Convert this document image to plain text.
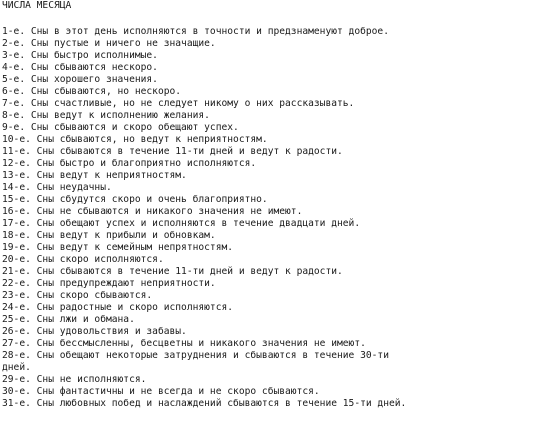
ЧИСЛА МЕСЯЦА
1-е. Сны в этот день исполняются в точности и предзнаменуют доброе.
2-е. Сны пустые и ничего не значащие.
3-е. Сны быстро исполнимые.
4-е. Сны сбываются нескоро.
5-е. Сны хорошего значения.
6-е. Сны сбываются, но нескоро.
7-е. Сны счастливые, но не следует никому о них рассказывать.
8-е. Сны ведут к исполнению желания.
9-е. Сны сбываются и скоро обещают успех.
10-е. Сны сбываются, но ведут к неприятностям.
11-е. Сны сбываются в течение 11-ти дней и ведут к радости.
12-е. Сны быстро и благоприятно исполняются.
13-е. Сны ведут к неприятностям.
14-е. Сны неудачны.
15-е. Сны сбудутся скоро и очень благоприятно.
16-е. Сны не сбываются и никакого значения не имеют.
17-е. Сны обещают успех и исполняются в течение двадцати дней.
18-е. Сны ведут к прибыли и обновкам.
19-е. Сны ведут к семейным непрятностям.
20-е. Сны скоро исполняются.
21-е. Сны сбываются в течение 11-ти дней и ведут к радости.
22-е. Сны предупреждают неприятности.
23-е. Сны скоро сбываются.
24-е. Сны радостные и скоро исполняются.
25-е. Сны лжи и обмана.
26-е. Сны удовольствия и забавы.
27-е. Сны бессмысленны, бесцветны и никакого значения не имеют.
28-е. Сны обещают некоторые затруднения и сбываются в течение 30-ти
дней.
29-е. Сны не исполняются.
30-е. Сны фантастичны и не всегда и не скоро сбываются.
31-е. Сны любовных побед и наслаждений сбываются в течение 15-ти дней.
